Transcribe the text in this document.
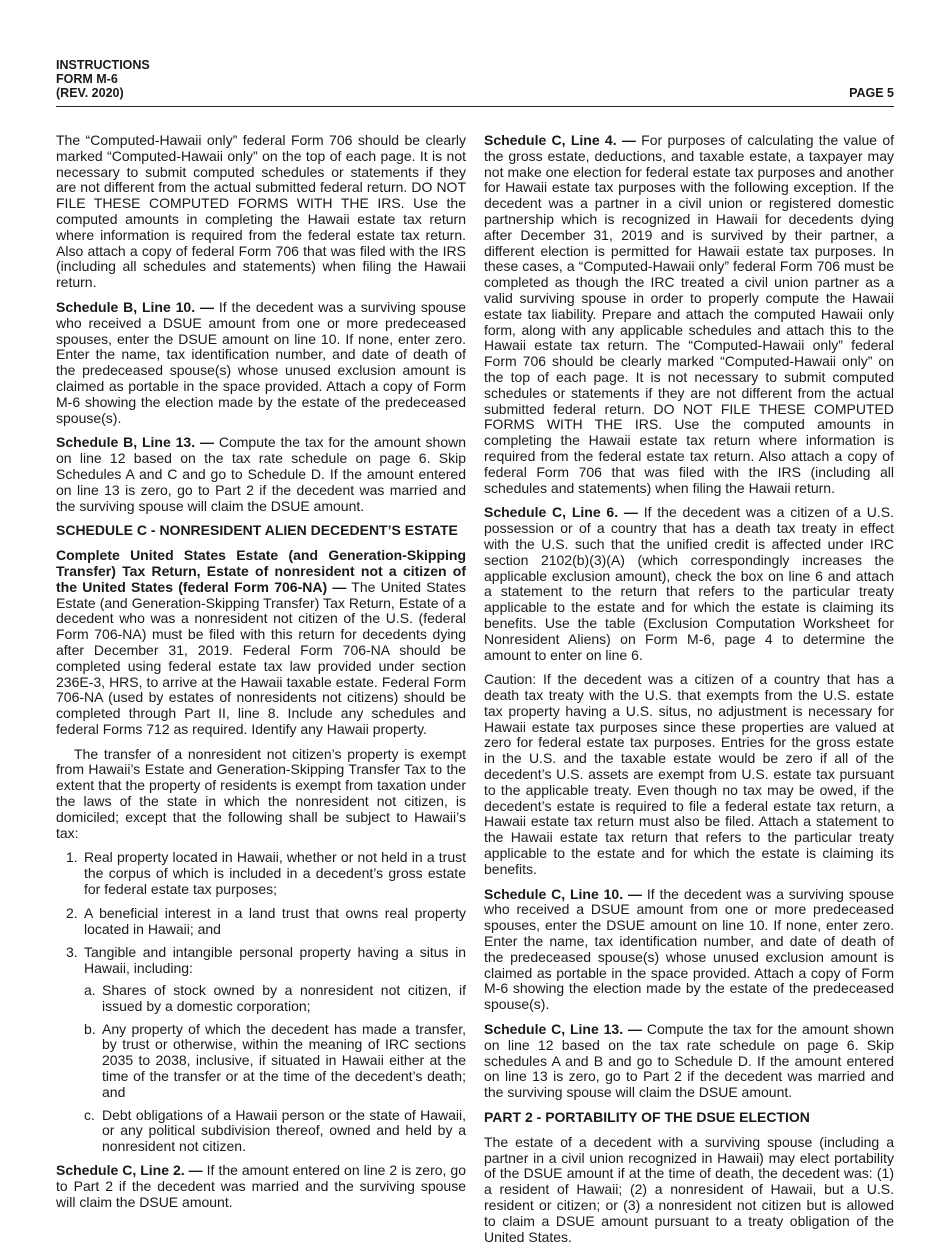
INSTRUCTIONS
FORM M-6
(REV. 2020)	PAGE 5

The “Computed-Hawaii only” federal Form 706 should be clearly marked “Computed-Hawaii only” on the top of each page. It is not necessary to submit computed schedules or statements if they are not different from the actual submitted federal return. DO NOT FILE THESE COMPUTED FORMS WITH THE IRS. Use the computed amounts in completing the Hawaii estate tax return where information is required from the federal estate tax return. Also attach a copy of federal Form 706 that was filed with the IRS (including all schedules and statements) when filing the Hawaii return.

Schedule B, Line 10. — If the decedent was a surviving spouse who received a DSUE amount from one or more predeceased spouses, enter the DSUE amount on line 10. If none, enter zero. Enter the name, tax identification number, and date of death of the predeceased spouse(s) whose unused exclusion amount is claimed as portable in the space provided. Attach a copy of Form M-6 showing the election made by the estate of the predeceased spouse(s).

Schedule B, Line 13. — Compute the tax for the amount shown on line 12 based on the tax rate schedule on page 6. Skip Schedules A and C and go to Schedule D. If the amount entered on line 13 is zero, go to Part 2 if the decedent was married and the surviving spouse will claim the DSUE amount.

SCHEDULE C - NONRESIDENT ALIEN DECEDENT’S ESTATE

Complete United States Estate (and Generation-Skipping Transfer) Tax Return, Estate of nonresident not a citizen of the United States (federal Form 706-NA) — The United States Estate (and Generation-Skipping Transfer) Tax Return, Estate of a decedent who was a nonresident not citizen of the U.S. (federal Form 706-NA) must be filed with this return for decedents dying after December 31, 2019. Federal Form 706-NA should be completed using federal estate tax law provided under section 236E-3, HRS, to arrive at the Hawaii taxable estate. Federal Form 706-NA (used by estates of nonresidents not citizens) should be completed through Part II, line 8. Include any schedules and federal Forms 712 as required. Identify any Hawaii property.

The transfer of a nonresident not citizen’s property is exempt from Hawaii’s Estate and Generation-Skipping Transfer Tax to the extent that the property of residents is exempt from taxation under the laws of the state in which the nonresident not citizen, is domiciled; except that the following shall be subject to Hawaii’s tax:

1. Real property located in Hawaii, whether or not held in a trust the corpus of which is included in a decedent’s gross estate for federal estate tax purposes;
2. A beneficial interest in a land trust that owns real property located in Hawaii; and
3. Tangible and intangible personal property having a situs in Hawaii, including:
a. Shares of stock owned by a nonresident not citizen, if issued by a domestic corporation;
b. Any property of which the decedent has made a transfer, by trust or otherwise, within the meaning of IRC sections 2035 to 2038, inclusive, if situated in Hawaii either at the time of the transfer or at the time of the decedent’s death; and
c. Debt obligations of a Hawaii person or the state of Hawaii, or any political subdivision thereof, owned and held by a nonresident not citizen.

Schedule C, Line 2. — If the amount entered on line 2 is zero, go to Part 2 if the decedent was married and the surviving spouse will claim the DSUE amount.

Schedule C, Line 4. — For purposes of calculating the value of the gross estate, deductions, and taxable estate, a taxpayer may not make one election for federal estate tax purposes and another for Hawaii estate tax purposes with the following exception. If the decedent was a partner in a civil union or registered domestic partnership which is recognized in Hawaii for decedents dying after December 31, 2019 and is survived by their partner, a different election is permitted for Hawaii estate tax purposes. In these cases, a “Computed-Hawaii only” federal Form 706 must be completed as though the IRC treated a civil union partner as a valid surviving spouse in order to properly compute the Hawaii estate tax liability. Prepare and attach the computed Hawaii only form, along with any applicable schedules and attach this to the Hawaii estate tax return. The “Computed-Hawaii only” federal Form 706 should be clearly marked “Computed-Hawaii only” on the top of each page. It is not necessary to submit computed schedules or statements if they are not different from the actual submitted federal return. DO NOT FILE THESE COMPUTED FORMS WITH THE IRS. Use the computed amounts in completing the Hawaii estate tax return where information is required from the federal estate tax return. Also attach a copy of federal Form 706 that was filed with the IRS (including all schedules and statements) when filing the Hawaii return.

Schedule C, Line 6. — If the decedent was a citizen of a U.S. possession or of a country that has a death tax treaty in effect with the U.S. such that the unified credit is affected under IRC section 2102(b)(3)(A) (which correspondingly increases the applicable exclusion amount), check the box on line 6 and attach a statement to the return that refers to the particular treaty applicable to the estate and for which the estate is claiming its benefits. Use the table (Exclusion Computation Worksheet for Nonresident Aliens) on Form M-6, page 4 to determine the amount to enter on line 6.

Caution: If the decedent was a citizen of a country that has a death tax treaty with the U.S. that exempts from the U.S. estate tax property having a U.S. situs, no adjustment is necessary for Hawaii estate tax purposes since these properties are valued at zero for federal estate tax purposes. Entries for the gross estate in the U.S. and the taxable estate would be zero if all of the decedent’s U.S. assets are exempt from U.S. estate tax pursuant to the applicable treaty. Even though no tax may be owed, if the decedent’s estate is required to file a federal estate tax return, a Hawaii estate tax return must also be filed. Attach a statement to the Hawaii estate tax return that refers to the particular treaty applicable to the estate and for which the estate is claiming its benefits.

Schedule C, Line 10. — If the decedent was a surviving spouse who received a DSUE amount from one or more predeceased spouses, enter the DSUE amount on line 10. If none, enter zero. Enter the name, tax identification number, and date of death of the predeceased spouse(s) whose unused exclusion amount is claimed as portable in the space provided. Attach a copy of Form M-6 showing the election made by the estate of the predeceased spouse(s).

Schedule C, Line 13. — Compute the tax for the amount shown on line 12 based on the tax rate schedule on page 6. Skip schedules A and B and go to Schedule D. If the amount entered on line 13 is zero, go to Part 2 if the decedent was married and the surviving spouse will claim the DSUE amount.

PART 2 - PORTABILITY OF THE DSUE ELECTION

The estate of a decedent with a surviving spouse (including a partner in a civil union recognized in Hawaii) may elect portability of the DSUE amount if at the time of death, the decedent was: (1) a resident of Hawaii; (2) a nonresident of Hawaii, but a U.S. resident or citizen; or (3) a nonresident not citizen but is allowed to claim a DSUE amount pursuant to a treaty obligation of the United States.
